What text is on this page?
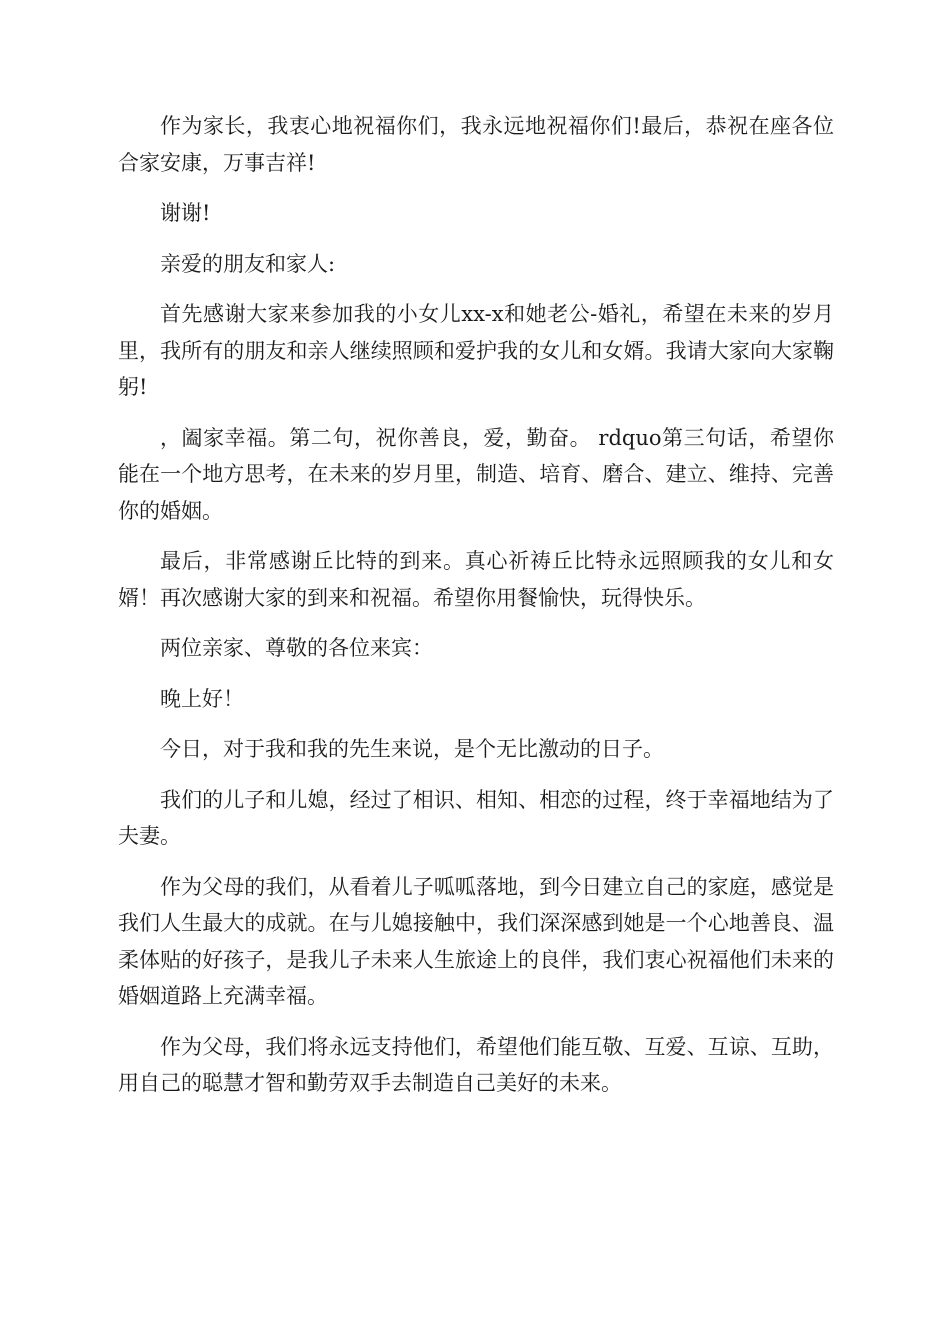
作为家长，我衷心地祝福你们，我永远地祝福你们!最后，恭祝在座各位合家安康，万事吉祥!

谢谢!

亲爱的朋友和家人:

首先感谢大家来参加我的小女儿xx-x和她老公-婚礼，希望在未来的岁月里，我所有的朋友和亲人继续照顾和爱护我的女儿和女婿。我请大家向大家鞠躬!

，阖家幸福。第二句，祝你善良，爱，勤奋。 rdquo第三句话，希望你能在一个地方思考，在未来的岁月里，制造、培育、磨合、建立、维持、完善你的婚姻。

最后，非常感谢丘比特的到来。真心祈祷丘比特永远照顾我的女儿和女婿！再次感谢大家的到来和祝福。希望你用餐愉快，玩得快乐。

两位亲家、尊敬的各位来宾：

晚上好！

今日，对于我和我的先生来说，是个无比激动的日子。

我们的儿子和儿媳，经过了相识、相知、相恋的过程，终于幸福地结为了夫妻。

作为父母的我们，从看着儿子呱呱落地，到今日建立自己的家庭，感觉是我们人生最大的成就。在与儿媳接触中，我们深深感到她是一个心地善良、温柔体贴的好孩子，是我儿子未来人生旅途上的良伴，我们衷心祝福他们未来的婚姻道路上充满幸福。

作为父母，我们将永远支持他们，希望他们能互敬、互爱、互谅、互助，用自己的聪慧才智和勤劳双手去制造自己美好的未来。
